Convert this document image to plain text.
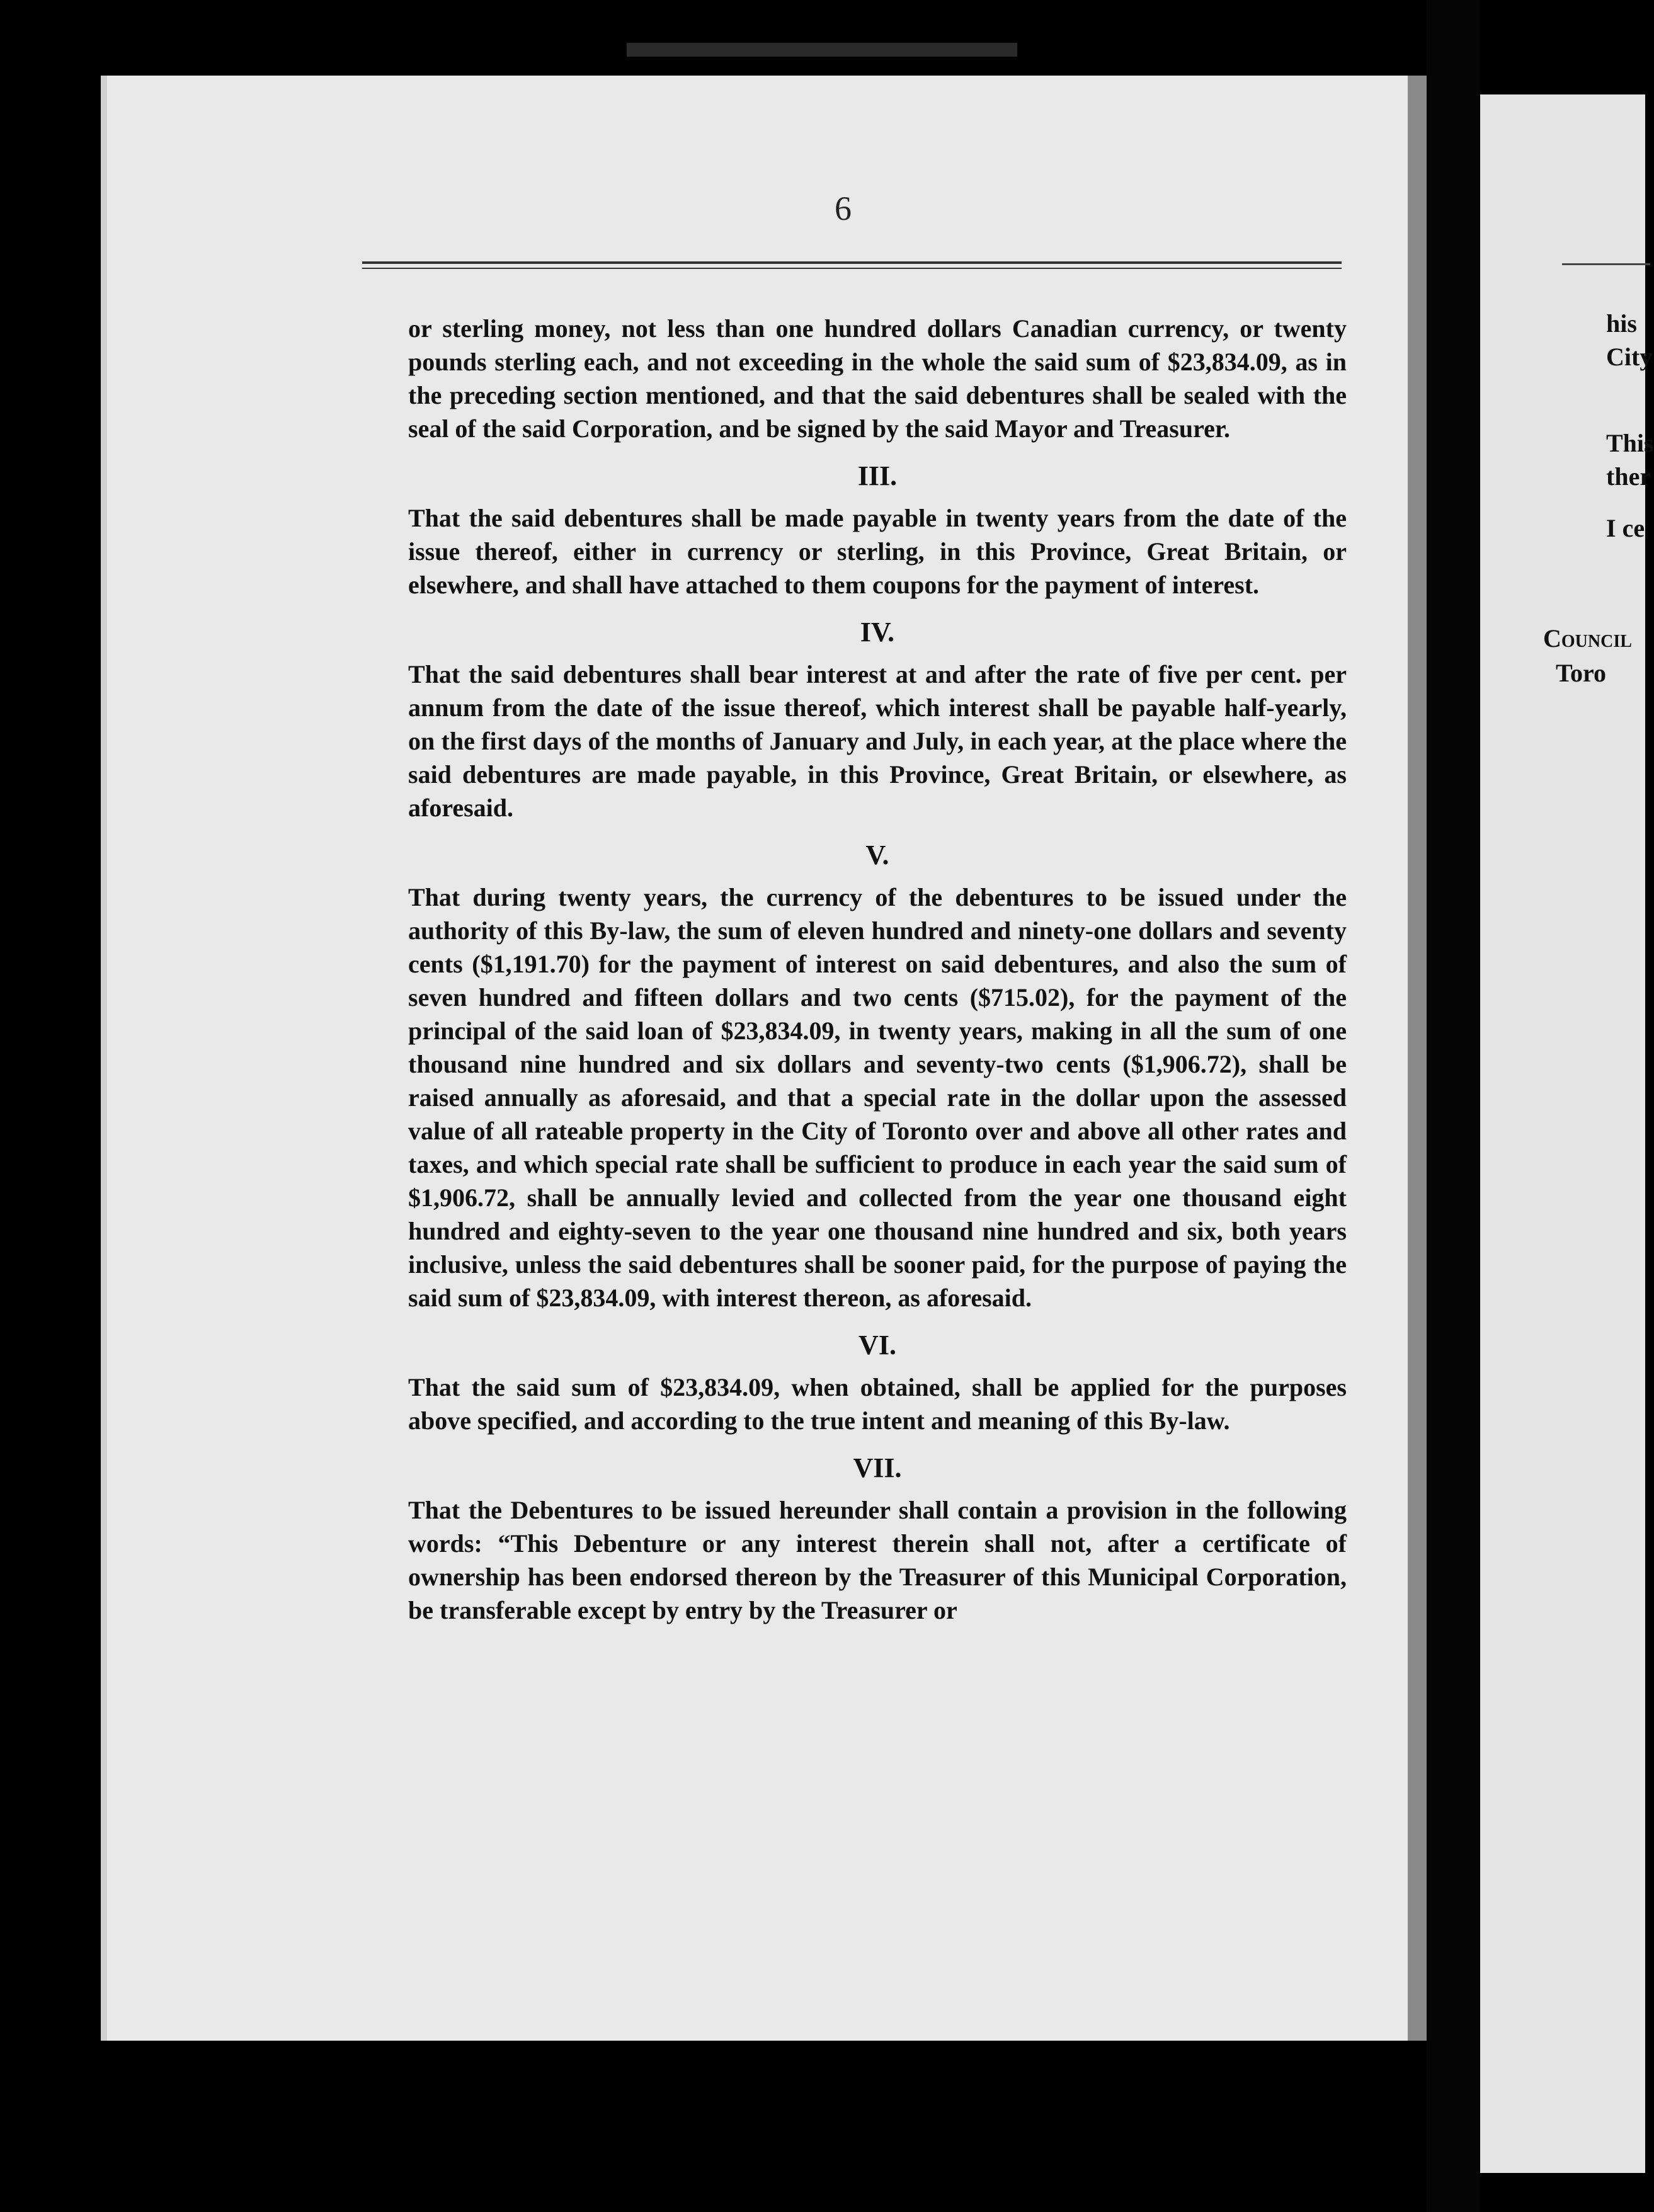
6

or sterling money, not less than one hundred dollars Canadian currency, or twenty pounds sterling each, and not exceeding in the whole the said sum of $23,834.09, as in the preceding section mentioned, and that the said debentures shall be sealed with the seal of the said Corporation, and be signed by the said Mayor and Treasurer.

III.

That the said debentures shall be made payable in twenty years from the date of the issue thereof, either in currency or sterling, in this Province, Great Britain, or elsewhere, and shall have attached to them coupons for the payment of interest.

IV.

That the said debentures shall bear interest at and after the rate of five per cent. per annum from the date of the issue thereof, which interest shall be payable half-yearly, on the first days of the months of January and July, in each year, at the place where the said debentures are made payable, in this Province, Great Britain, or elsewhere, as aforesaid.

V.

That during twenty years, the currency of the debentures to be issued under the authority of this By-law, the sum of eleven hundred and ninety-one dollars and seventy cents ($1,191.70) for the payment of interest on said debentures, and also the sum of seven hundred and fifteen dollars and two cents ($715.02), for the payment of the principal of the said loan of $23,834.09, in twenty years, making in all the sum of one thousand nine hundred and six dollars and seventy-two cents ($1,906.72), shall be raised annually as aforesaid, and that a special rate in the dollar upon the assessed value of all rateable property in the City of Toronto over and above all other rates and taxes, and which special rate shall be sufficient to produce in each year the said sum of $1,906.72, shall be annually levied and collected from the year one thousand eight hundred and eighty-seven to the year one thousand nine hundred and six, both years inclusive, unless the said debentures shall be sooner paid, for the purpose of paying the said sum of $23,834.09, with interest thereon, as aforesaid.

VI.

That the said sum of $23,834.09, when obtained, shall be applied for the purposes above specified, and according to the true intent and meaning of this By-law.

VII.

That the Debentures to be issued hereunder shall contain a provision in the following words: “This Debenture or any interest therein shall not, after a certificate of ownership has been endorsed thereon by the Treasurer of this Municipal Corporation, be transferable except by entry by the Treasurer or

his
City
This
ther
I ce
Council
Toro
